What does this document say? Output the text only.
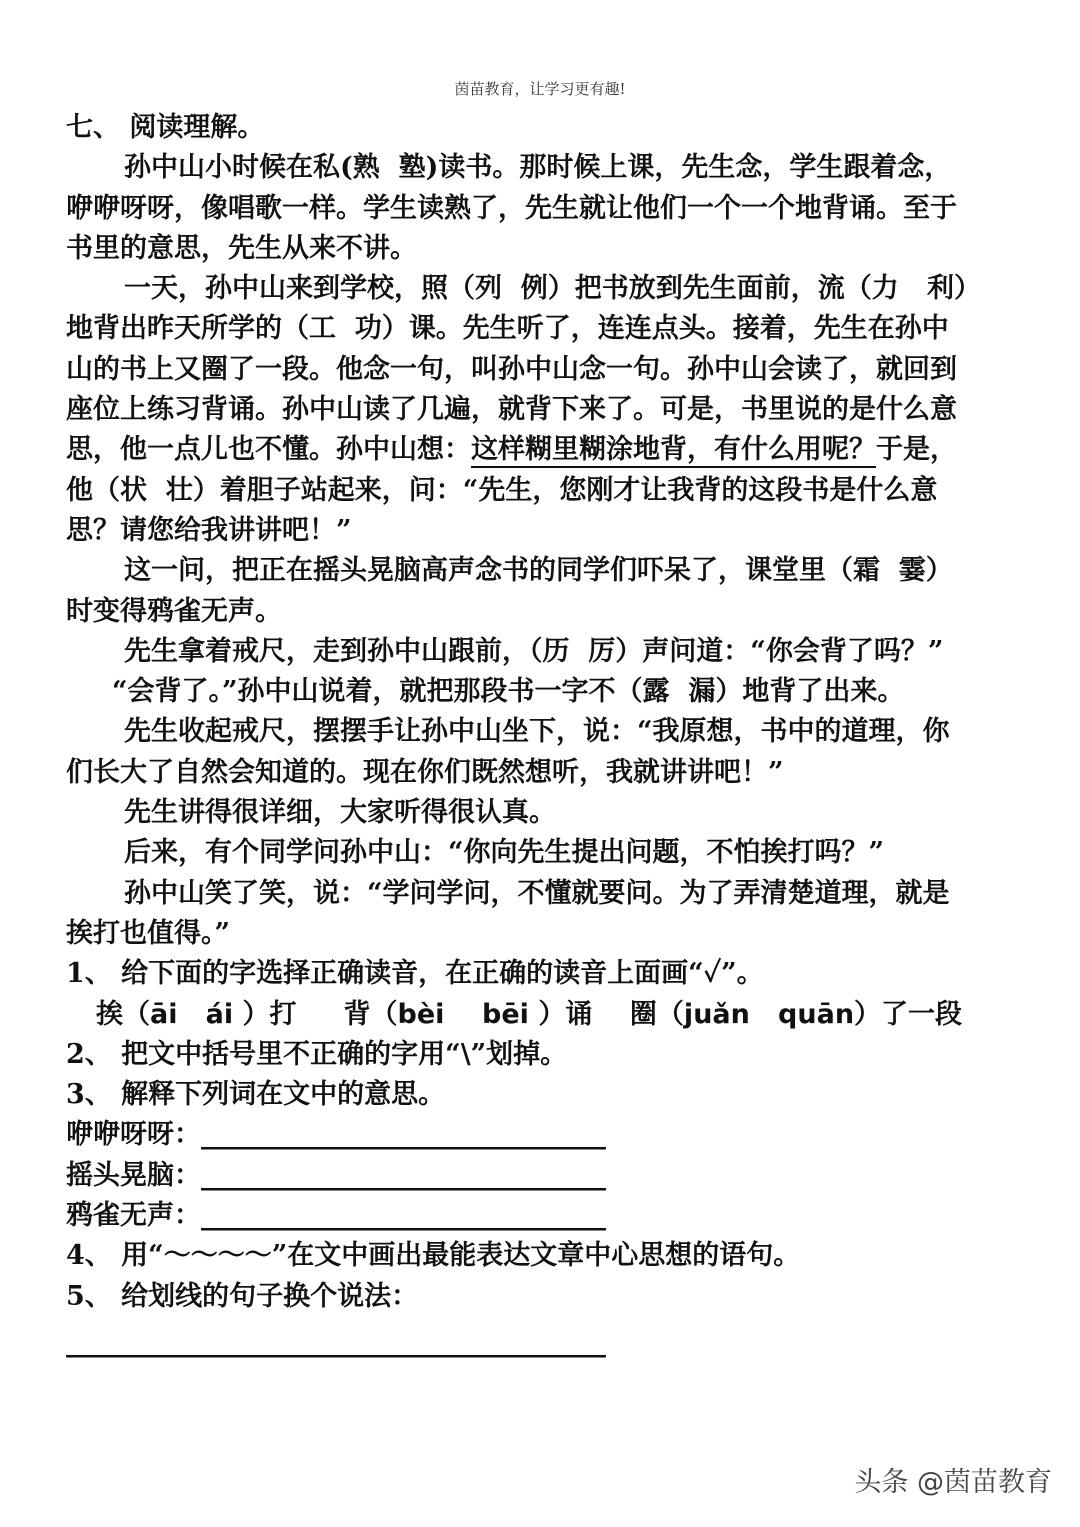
茵苗教育，让学习更有趣!
七、 阅读理解。
孙中山小时候在私(熟  塾)读书。那时候上课，先生念，学生跟着念，
咿咿呀呀，像唱歌一样。学生读熟了，先生就让他们一个一个地背诵。至于
书里的意思，先生从来不讲。
一天，孙中山来到学校，照（列  例）把书放到先生面前，流（力   利）
地背出昨天所学的（工  功）课。先生听了，连连点头。接着，先生在孙中
山的书上又圈了一段。他念一句，叫孙中山念一句。孙中山会读了，就回到
座位上练习背诵。孙中山读了几遍，就背下来了。可是，书里说的是什么意
思，他一点儿也不懂。孙中山想：这样糊里糊涂地背，有什么用呢？于是，
他（状  壮）着胆子站起来，问：“先生，您刚才让我背的这段书是什么意
思？请您给我讲讲吧！”
这一问，把正在摇头晃脑高声念书的同学们吓呆了，课堂里（霜  霎）
时变得鸦雀无声。
先生拿着戒尺，走到孙中山跟前，（历  厉）声问道：“你会背了吗？”
“会背了。”孙中山说着，就把那段书一字不（露  漏）地背了出来。
先生收起戒尺，摆摆手让孙中山坐下，说：“我原想，书中的道理，你
们长大了自然会知道的。现在你们既然想听，我就讲讲吧！”
先生讲得很详细，大家听得很认真。
后来，有个同学问孙中山：“你向先生提出问题，不怕挨打吗？”
孙中山笑了笑，说：“学问学问，不懂就要问。为了弄清楚道理，就是
挨打也值得。”
1、 给下面的字选择正确读音，在正确的读音上面画“✓”。
挨（āi   ái ）打     背（bèi    bēi ）诵    圈（juǎn   quān）了一段
2、 把文中括号里不正确的字用“\”划掉。
3、 解释下列词在文中的意思。
咿咿呀呀：______________________________
摇头晃脑：______________________________
鸦雀无声：______________________________
4、 用“～～～～”在文中画出最能表达文章中心思想的语句。
5、 给划线的句子换个说法：
________________________________________
头条 @茵苗教育
